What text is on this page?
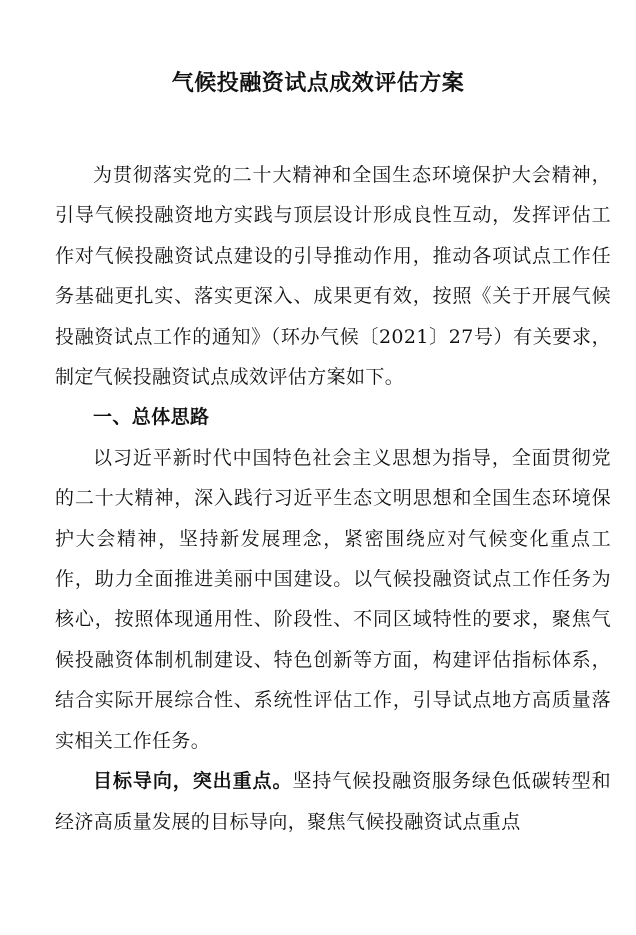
气候投融资试点成效评估方案

为贯彻落实党的二十大精神和全国生态环境保护大会精神，引导气候投融资地方实践与顶层设计形成良性互动，发挥评估工作对气候投融资试点建设的引导推动作用，推动各项试点工作任务基础更扎实、落实更深入、成果更有效，按照《关于开展气候投融资试点工作的通知》（环办气候〔2021〕27号）有关要求，制定气候投融资试点成效评估方案如下。

一、总体思路

以习近平新时代中国特色社会主义思想为指导，全面贯彻党的二十大精神，深入践行习近平生态文明思想和全国生态环境保护大会精神，坚持新发展理念，紧密围绕应对气候变化重点工作，助力全面推进美丽中国建设。以气候投融资试点工作任务为核心，按照体现通用性、阶段性、不同区域特性的要求，聚焦气候投融资体制机制建设、特色创新等方面，构建评估指标体系，结合实际开展综合性、系统性评估工作，引导试点地方高质量落实相关工作任务。

目标导向，突出重点。坚持气候投融资服务绿色低碳转型和经济高质量发展的目标导向，聚焦气候投融资试点重点
